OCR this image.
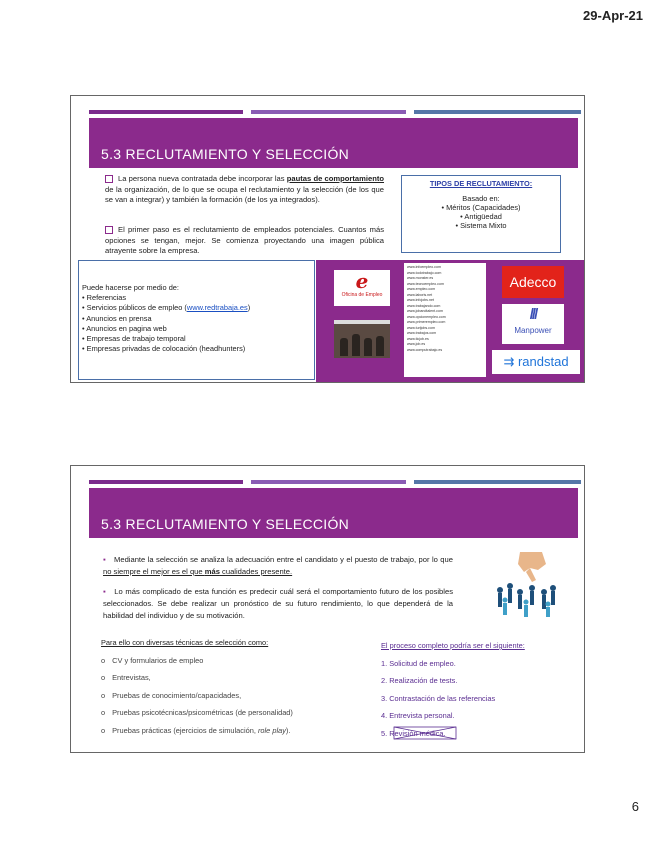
29-Apr-21
5.3 RECLUTAMIENTO Y SELECCIÓN
La persona nueva contratada debe incorporar las pautas de comportamiento de la organización, de lo que se ocupa el reclutamiento y la selección (de los que se van a integrar) y también la formación (de los ya integrados).
El primer paso es el reclutamiento de empleados potenciales. Cuantos más opciones se tengan, mejor. Se comienza proyectando una imagen pública atrayente sobre la empresa.
TIPOS DE RECLUTAMIENTO:
Basado en:
• Méritos (Capacidades)
• Antigüedad
• Sistema Mixto
Puede hacerse por medio de:
• Referencias
• Servicios públicos de empleo (www.redtrabaja.es)
• Anuncios en prensa
• Anuncios en pagina web
• Empresas de trabajo temporal
• Empresas privadas de colocación (headhunters)
e
Oficina de Empleo
www.infoempleo.com
www.todotrabajo.com
www.monster.es
www.tecnoempleo.com
www.empleo.com
www.laboris.net
www.infojobs.net
www.trabajando.com
www.jobandtalent.com
www.opcionempleo.com
www.primerempleo.com
www.turijobs.com
www.trabajos.com
www.ticjob.es
www.job.es
www.computrabajo.es
Adecco
///
Manpower
⇉ randstad
5.3 RECLUTAMIENTO Y SELECCIÓN
▪ Mediante la selección se analiza la adecuación entre el candidato y el puesto de trabajo, por lo que no siempre el mejor es el que más cualidades presente.
▪ Lo más complicado de esta función es predecir cuál será el comportamiento futuro de los posibles seleccionados. Se debe realizar un pronóstico de su futuro rendimiento, lo que dependerá de la habilidad del individuo y de su motivación.
Para ello con diversas técnicas de selección como:
o CV y formularios de empleo
o Entrevistas,
o Pruebas de conocimiento/capacidades,
o Pruebas psicotécnicas/psicométricas (de personalidad)
o Pruebas prácticas (ejercicios de simulación, role play).
El proceso completo podría ser el siguiente:
1. Solicitud de empleo.
2. Realización de tests.
3. Contrastación de las referencias
4. Entrevista personal.
5. Revisión médica.
6
